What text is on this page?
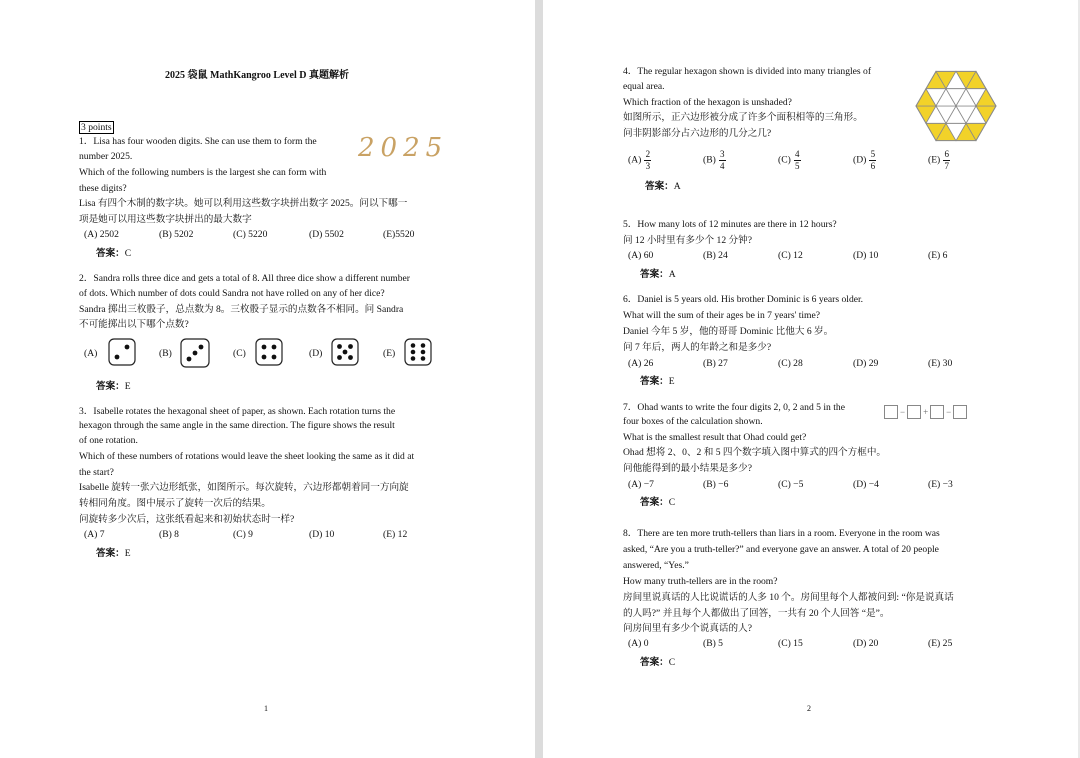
2025 袋鼠 MathKangroo Level D 真题解析
3 points
2025
1．Lisa has four wooden digits. She can use them to form the
number 2025.
Which of the following numbers is the largest she can form with
these digits?
Lisa 有四个木制的数字块。她可以利用这些数字块拼出数字 2025。问以下哪一
项是她可以用这些数字块拼出的最大数字
(A) 2502	(B) 5202	(C) 5220	(D) 5502	(E)5520
答案：C
2．Sandra rolls three dice and gets a total of 8. All three dice show a different number
of dots. Which number of dots could Sandra not have rolled on any of her dice?
Sandra 掷出三枚骰子，总点数为 8。三枚骰子显示的点数各不相同。问 Sandra
不可能掷出以下哪个点数?
(A)	(B)	(C)	(D)	(E)
答案：E
3．Isabelle rotates the hexagonal sheet of paper, as shown. Each rotation turns the
hexagon through the same angle in the same direction. The figure shows the result
of one rotation.
Which of these numbers of rotations would leave the sheet looking the same as it did at
the start?
Isabelle 旋转一张六边形纸张，如图所示。每次旋转，六边形都朝着同一方向旋
转相同角度。图中展示了旋转一次后的结果。
问旋转多少次后，这张纸看起来和初始状态时一样?
(A) 7	(B) 8	(C) 9	(D) 10	(E) 12
答案：E
1
4．The regular hexagon shown is divided into many triangles of
equal area.
Which fraction of the hexagon is unshaded?
如图所示，正六边形被分成了许多个面积相等的三角形。
问非阴影部分占六边形的几分之几?
$(A) \frac{2}{3}$	$(B) \frac{3}{4}$	$(C) \frac{4}{5}$	$(D) \frac{5}{6}$	$(E) \frac{6}{7}$
答案：A
5．How many lots of 12 minutes are there in 12 hours?
问 12 小时里有多少个 12 分钟?
(A) 60	(B) 24	(C) 12	(D) 10	(E) 6
答案：A
6．Daniel is 5 years old. His brother Dominic is 6 years older.
What will the sum of their ages be in 7 years' time?
Daniel 今年 5 岁，他的哥哥 Dominic 比他大 6 岁。
问 7 年后，两人的年龄之和是多少?
(A) 26	(B) 27	(C) 28	(D) 29	(E) 30
答案：E
7．Ohad wants to write the four digits 2, 0, 2 and 5 in the
four boxes of the calculation shown.
What is the smallest result that Ohad could get?
Ohad 想将 2、0、2 和 5 四个数字填入图中算式的四个方框中。
问他能得到的最小结果是多少?
− + −
(A) −7	(B) −6	(C) −5	(D) −4	(E) −3
答案：C
8．There are ten more truth-tellers than liars in a room. Everyone in the room was
asked, “Are you a truth-teller?” and everyone gave an answer. A total of 20 people
answered, “Yes.”
How many truth-tellers are in the room?
房间里说真话的人比说谎话的人多 10 个。房间里每个人都被问到: “你是说真话
的人吗?” 并且每个人都做出了回答，一共有 20 个人回答 “是”。
问房间里有多少个说真话的人?
(A) 0	(B) 5	(C) 15	(D) 20	(E) 25
答案：C
2
